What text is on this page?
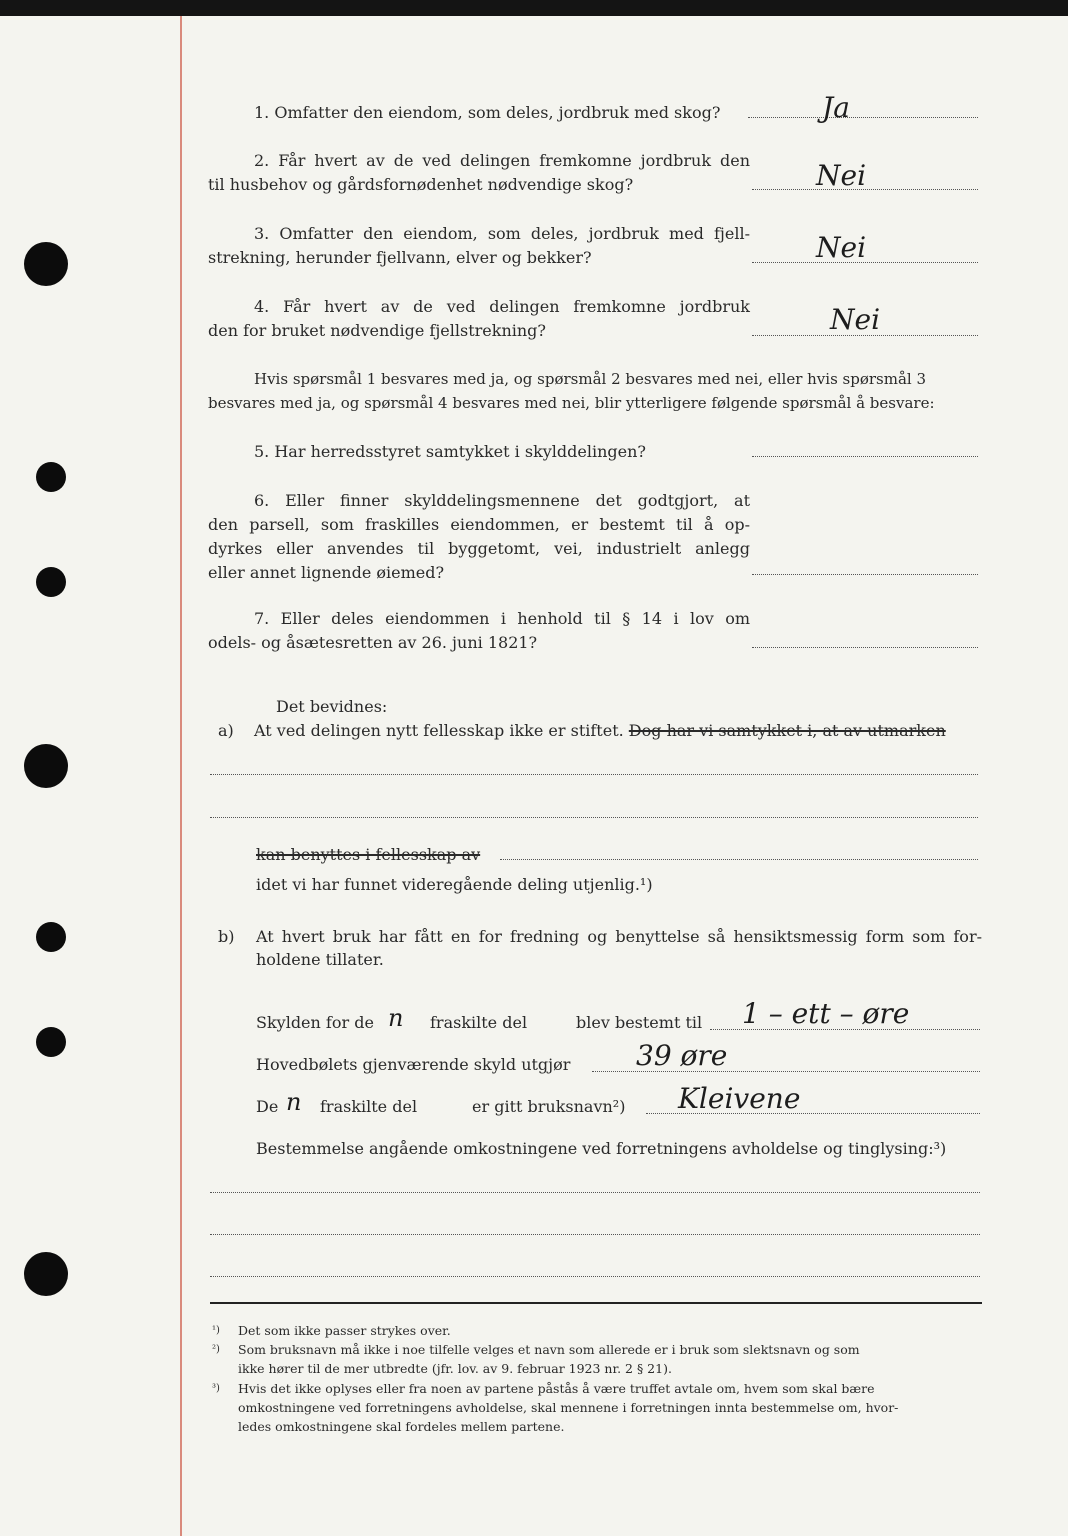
1. Omfatter den eiendom, som deles, jordbruk med skog?	Ja
2. Får hvert av de ved delingen fremkomne jordbruk den
til husbehov og gårdsfornødenhet nødvendige skog?	Nei
3. Omfatter den eiendom, som deles, jordbruk med fjell-
strekning, herunder fjellvann, elver og bekker?	Nei
4. Får hvert av de ved delingen fremkomne jordbruk
den for bruket nødvendige fjellstrekning?	Nei
Hvis spørsmål 1 besvares med ja, og spørsmål 2 besvares med nei, eller hvis spørsmål 3
besvares med ja, og spørsmål 4 besvares med nei, blir ytterligere følgende spørsmål å besvare:
5. Har herredsstyret samtykket i skylddelingen?
6. Eller finner skylddelingsmennene det godtgjort, at
den parsell, som fraskilles eiendommen, er bestemt til å op-
dyrkes eller anvendes til byggetomt, vei, industrielt anlegg
eller annet lignende øiemed?
7. Eller deles eiendommen i henhold til § 14 i lov om
odels- og åsætesretten av 26. juni 1821?
Det bevidnes:
a) At ved delingen nytt fellesskap ikke er stiftet. Dog har vi samtykket i, at av utmarken
kan benyttes i fellesskap av
idet vi har funnet videregående deling utjenlig.¹)
b) At hvert bruk har fått en for fredning og benyttelse så hensiktsmessig form som for-
holdene tillater.
Skylden for de n fraskilte del	blev bestemt til 1 – ett – øre
Hovedbølets gjenværende skyld utgjør 39 øre
De n fraskilte del	er gitt bruksnavn²) Kleivene
Bestemmelse angående omkostningene ved forretningens avholdelse og tinglysing:³)
¹) Det som ikke passer strykes over.
²) Som bruksnavn må ikke i noe tilfelle velges et navn som allerede er i bruk som slektsnavn og som
ikke hører til de mer utbredte (jfr. lov. av 9. februar 1923 nr. 2 § 21).
³) Hvis det ikke oplyses eller fra noen av partene påstås å være truffet avtale om, hvem som skal bære
omkostningene ved forretningens avholdelse, skal mennene i forretningen innta bestemmelse om, hvor-
ledes omkostningene skal fordeles mellem partene.
